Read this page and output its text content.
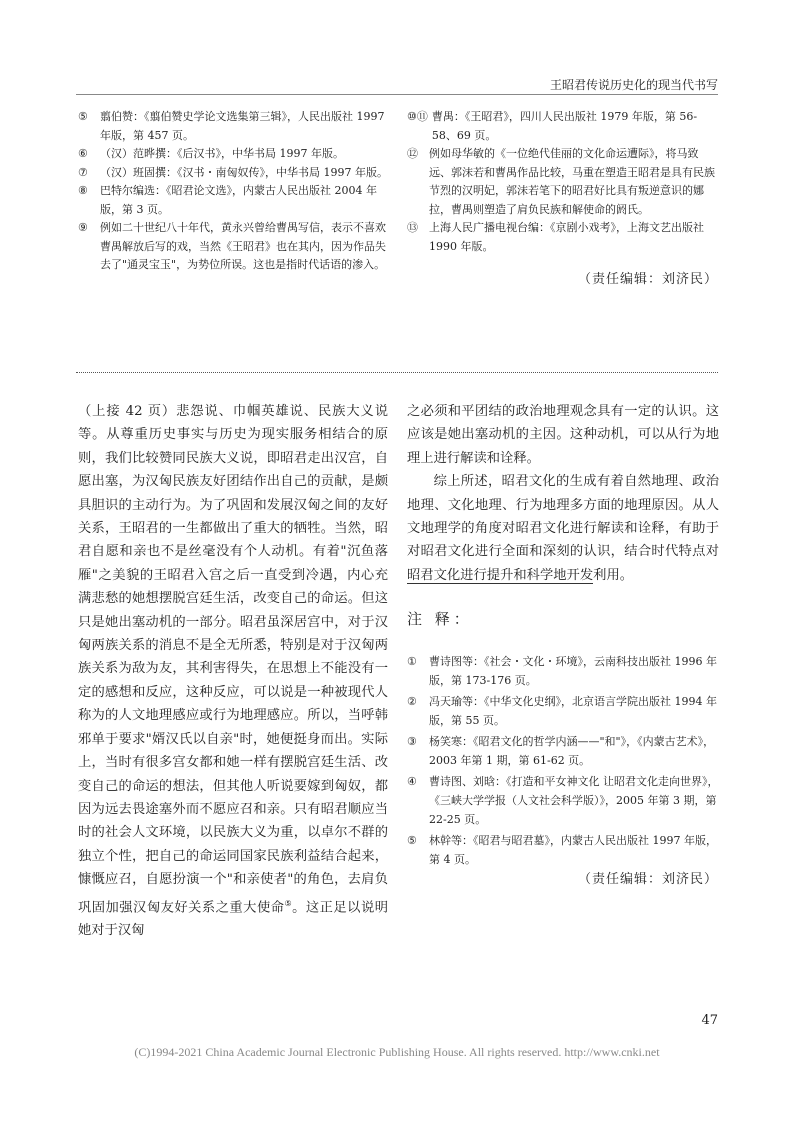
王昭君传说历史化的现当代书写
⑤	翦伯赞：《翦伯赞史学论文选集第三辑》，人民出版社 1997 年版，第 457 页。
⑥	（汉）范晔撰：《后汉书》，中华书局 1997 年版。
⑦	（汉）班固撰：《汉书・南匈奴传》，中华书局 1997 年版。
⑧	巴特尔编选：《昭君论文选》，内蒙古人民出版社 2004 年版，第 3 页。
⑨	例如二十世纪八十年代，黄永兴曾给曹禺写信，表示不喜欢曹禺解放后写的戏，当然《王昭君》也在其内，因为作品失去了"通灵宝玉"，为势位所误。这也是指时代话语的渗入。
⑩⑪ 曹禺：《王昭君》，四川人民出版社 1979 年版，第 56-58、69 页。
⑫	例如母华敏的《一位绝代佳丽的文化命运遭际》，将马致远、郭沫若和曹禺作品比较，马重在塑造王昭君是具有民族节烈的汉明妃，郭沫若笔下的昭君好比具有叛逆意识的娜拉，曹禺则塑造了肩负民族和解使命的阏氏。
⑬	上海人民广播电视台编：《京剧小戏考》，上海文艺出版社 1990 年版。
（责任编辑：刘济民）

（上接 42 页）悲怨说、巾帼英雄说、民族大义说等。从尊重历史事实与历史为现实服务相结合的原则，我们比较赞同民族大义说，即昭君走出汉宫，自愿出塞，为汉匈民族友好团结作出自己的贡献，是颇具胆识的主动行为。为了巩固和发展汉匈之间的友好关系，王昭君的一生都做出了重大的牺牲。当然，昭君自愿和亲也不是丝毫没有个人动机。有着"沉鱼落雁"之美貌的王昭君入宫之后一直受到冷遇，内心充满悲愁的她想摆脱宫廷生活，改变自己的命运。但这只是她出塞动机的一部分。昭君虽深居宫中，对于汉匈两族关系的消息不是全无所悉，特别是对于汉匈两族关系为敌为友，其利害得失，在思想上不能没有一定的感想和反应，这种反应，可以说是一种被现代人称为的人文地理感应或行为地理感应。所以，当呼韩邪单于要求"婿汉氏以自亲"时，她便挺身而出。实际上，当时有很多宫女都和她一样有摆脱宫廷生活、改变自己的命运的想法，但其他人听说要嫁到匈奴，都因为远去畏途塞外而不愿应召和亲。只有昭君顺应当时的社会人文环境，以民族大义为重，以卓尔不群的独立个性，把自己的命运同国家民族利益结合起来，慷慨应召，自愿扮演一个"和亲使者"的角色，去肩负巩固加强汉匈友好关系之重大使命⑤。这正足以说明她对于汉匈

之必须和平团结的政治地理观念具有一定的认识。这应该是她出塞动机的主因。这种动机，可以从行为地理上进行解读和诠释。

综上所述，昭君文化的生成有着自然地理、政治地理、文化地理、行为地理多方面的地理原因。从人文地理学的角度对昭君文化进行解读和诠释，有助于对昭君文化进行全面和深刻的认识，结合时代特点对昭君文化进行提升和科学地开发利用。

注 释：
①	曹诗图等：《社会・文化・环境》，云南科技出版社 1996 年版，第 173-176 页。
②	冯天瑜等：《中华文化史纲》，北京语言学院出版社 1994 年版，第 55 页。
③	杨笑寒：《昭君文化的哲学内涵——"和"》，《内蒙古艺术》，2003 年第 1 期，第 61-62 页。
④	曹诗图、刘晗：《打造和平女神文化 让昭君文化走向世界》，《三峡大学学报（人文社会科学版）》，2005 年第 3 期，第 22-25 页。
⑤	林幹等：《昭君与昭君墓》，内蒙古人民出版社 1997 年版，第 4 页。
（责任编辑：刘济民）
47
(C)1994-2021 China Academic Journal Electronic Publishing House. All rights reserved. http://www.cnki.net
